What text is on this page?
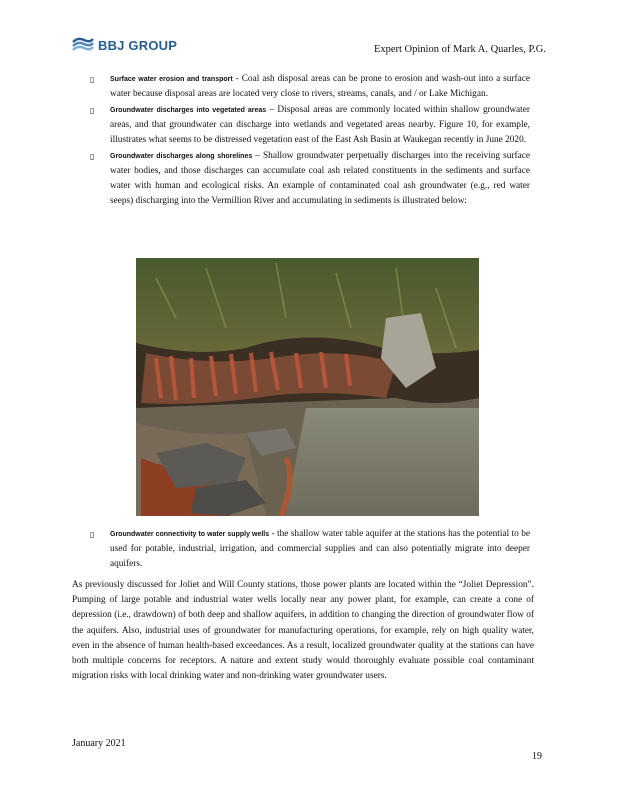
BBJ GROUP	Expert Opinion of Mark A. Quarles, P.G.
▯ Surface water erosion and transport - Coal ash disposal areas can be prone to erosion and wash-out into a surface water because disposal areas are located very close to rivers, streams, canals, and / or Lake Michigan.
▯ Groundwater discharges into vegetated areas – Disposal areas are commonly located within shallow groundwater areas, and that groundwater can discharge into wetlands and vegetated areas nearby. Figure 10, for example, illustrates what seems to be distressed vegetation east of the East Ash Basin at Waukegan recently in June 2020.
▯ Groundwater discharges along shorelines – Shallow groundwater perpetually discharges into the receiving surface water bodies, and those discharges can accumulate coal ash related constituents in the sediments and surface water with human and ecological risks. An example of contaminated coal ash groundwater (e.g., red water seeps) discharging into the Vermillion River and accumulating in sediments is illustrated below:
▯ Groundwater connectivity to water supply wells - the shallow water table aquifer at the stations has the potential to be used for potable, industrial, irrigation, and commercial supplies and can also potentially migrate into deeper aquifers.
As previously discussed for Joliet and Will County stations, those power plants are located within the “Joliet Depression”. Pumping of large potable and industrial water wells locally near any power plant, for example, can create a cone of depression (i.e., drawdown) of both deep and shallow aquifers, in addition to changing the direction of groundwater flow of the aquifers. Also, industrial uses of groundwater for manufacturing operations, for example, rely on high quality water, even in the absence of human health-based exceedances. As a result, localized groundwater quality at the stations can have both multiple concerns for receptors. A nature and extent study would thoroughly evaluate possible coal contaminant migration risks with local drinking water and non-drinking water groundwater users.
January 2021
19
